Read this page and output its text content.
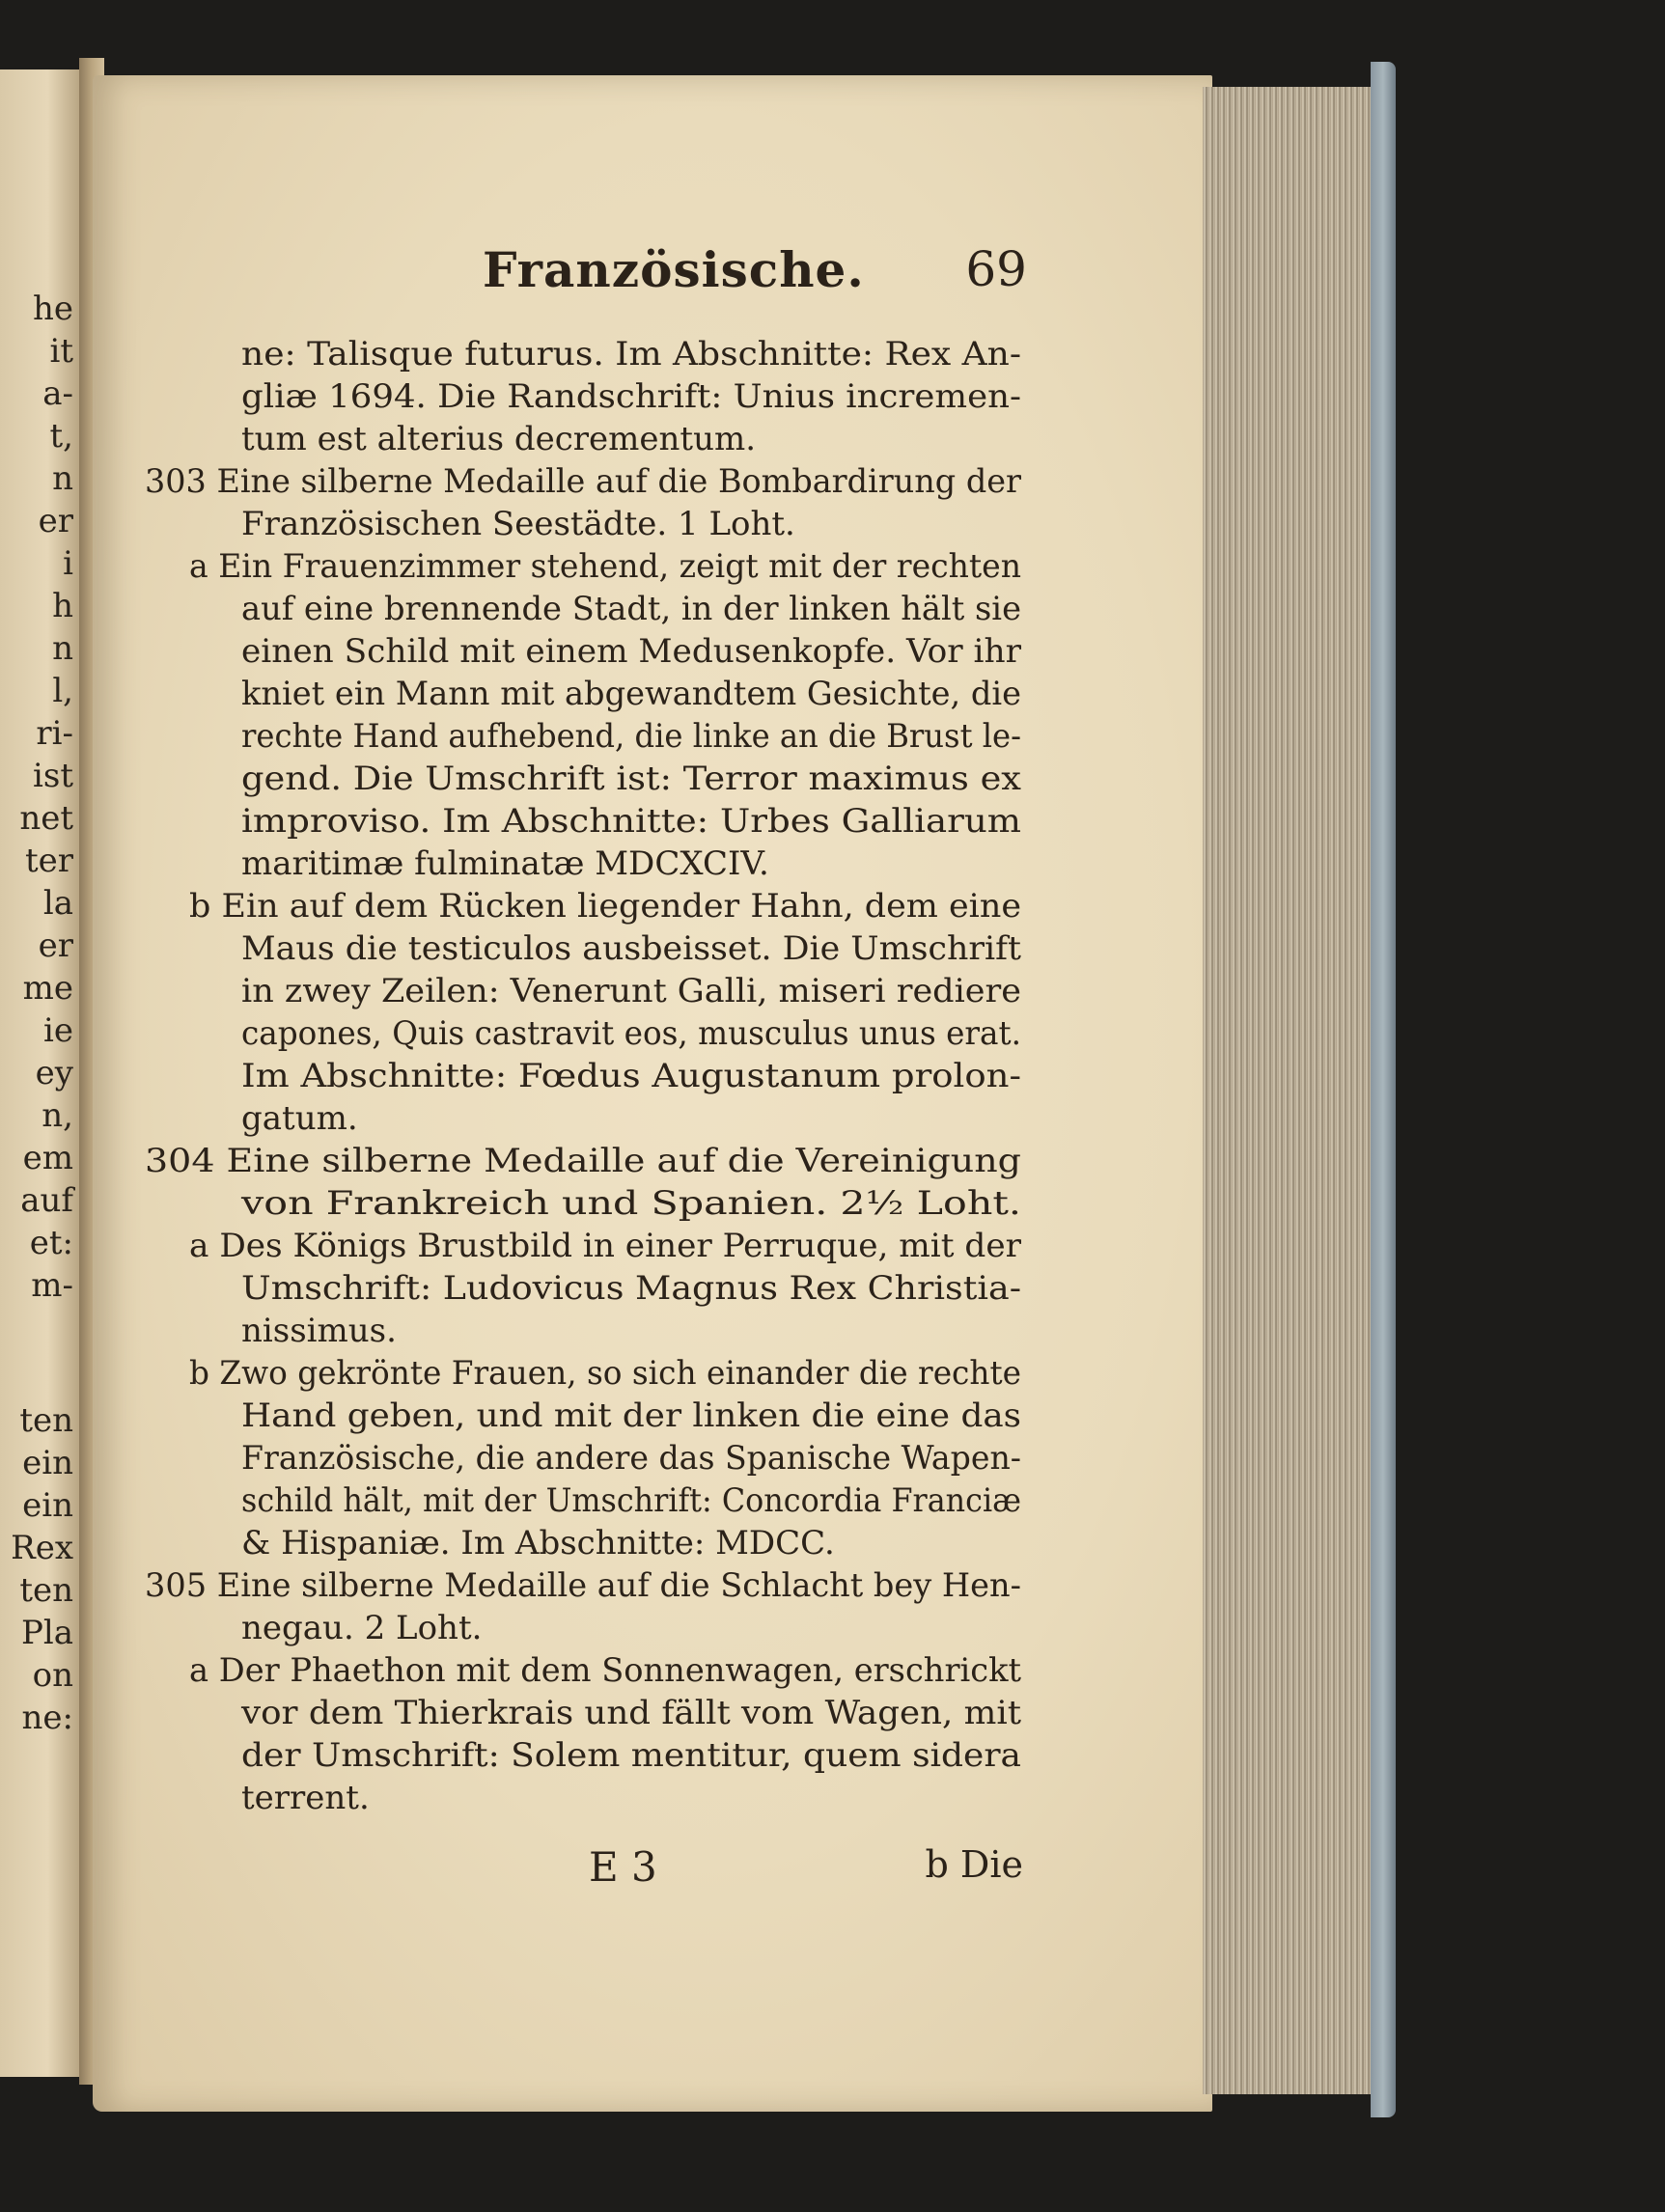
he
it
a-
t,
n
er
i
h
n
l,
ri-
ist
net
ter
la
er
me
ie
ey
n,
em
auf
et:
m-
ten
ein
ein
Rex
ten
Pla
on
ne:
Französische. 69
ne: Talisque futurus. Im Abschnitte: Rex An-
gliæ 1694. Die Randschrift: Unius incremen-
tum est alterius decrementum.
303 Eine silberne Medaille auf die Bombardirung der
Französischen Seestädte. 1 Loht.
a Ein Frauenzimmer stehend, zeigt mit der rechten
auf eine brennende Stadt, in der linken hält sie
einen Schild mit einem Medusenkopfe. Vor ihr
kniet ein Mann mit abgewandtem Gesichte, die
rechte Hand aufhebend, die linke an die Brust le-
gend. Die Umschrift ist: Terror maximus ex
improviso. Im Abschnitte: Urbes Galliarum
maritimæ fulminatæ MDCXCIV.
b Ein auf dem Rücken liegender Hahn, dem eine
Maus die testiculos ausbeisset. Die Umschrift
in zwey Zeilen: Venerunt Galli, miseri rediere
capones, Quis castravit eos, musculus unus erat.
Im Abschnitte: Fœdus Augustanum prolon-
gatum.
304 Eine silberne Medaille auf die Vereinigung
von Frankreich und Spanien. 2½ Loht.
a Des Königs Brustbild in einer Perruque, mit der
Umschrift: Ludovicus Magnus Rex Christia-
nissimus.
b Zwo gekrönte Frauen, so sich einander die rechte
Hand geben, und mit der linken die eine das
Französische, die andere das Spanische Wapen-
schild hält, mit der Umschrift: Concordia Franciæ
& Hispaniæ. Im Abschnitte: MDCC.
305 Eine silberne Medaille auf die Schlacht bey Hen-
negau. 2 Loht.
a Der Phaethon mit dem Sonnenwagen, erschrickt
vor dem Thierkrais und fällt vom Wagen, mit
der Umschrift: Solem mentitur, quem sidera
terrent.
E 3	b Die
